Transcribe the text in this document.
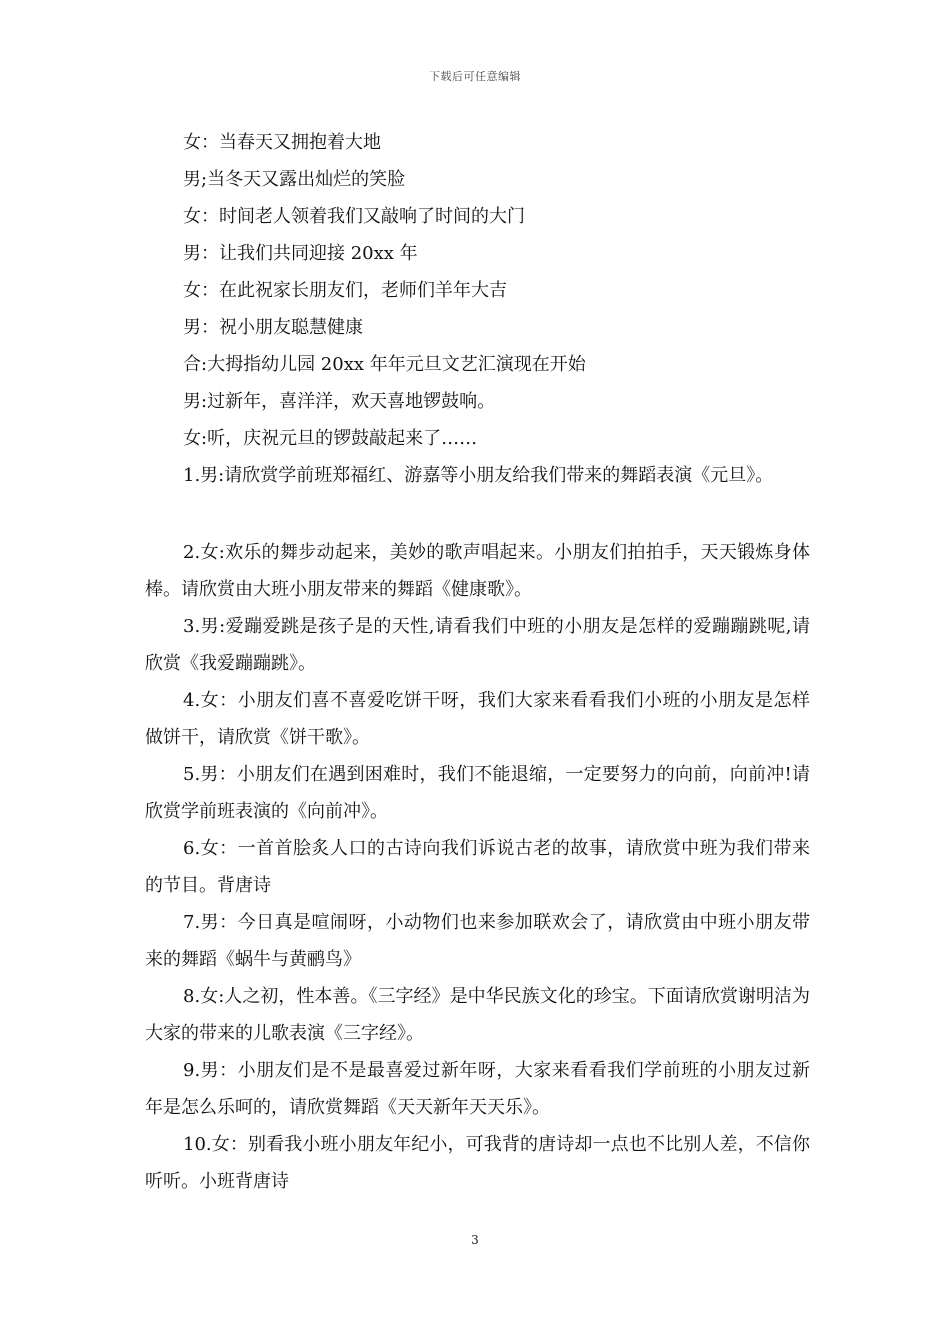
下载后可任意编辑
女：当春天又拥抱着大地
男;当冬天又露出灿烂的笑脸
女：时间老人领着我们又敲响了时间的大门
男：让我们共同迎接 20xx 年
女：在此祝家长朋友们，老师们羊年大吉
男：祝小朋友聪慧健康
合:大拇指幼儿园 20xx 年年元旦文艺汇演现在开始
男:过新年，喜洋洋，欢天喜地锣鼓响。
女:听，庆祝元旦的锣鼓敲起来了……
1.男:请欣赏学前班郑福红、游嘉等小朋友给我们带来的舞蹈表演《元旦》。

2.女:欢乐的舞步动起来，美妙的歌声唱起来。小朋友们拍拍手，天天锻炼身体棒。请欣赏由大班小朋友带来的舞蹈《健康歌》。

3.男:爱蹦爱跳是孩子是的天性,请看我们中班的小朋友是怎样的爱蹦蹦跳呢,请欣赏《我爱蹦蹦跳》。

4.女：小朋友们喜不喜爱吃饼干呀，我们大家来看看我们小班的小朋友是怎样做饼干，请欣赏《饼干歌》。

5.男：小朋友们在遇到困难时，我们不能退缩，一定要努力的向前，向前冲!请欣赏学前班表演的《向前冲》。

6.女：一首首脍炙人口的古诗向我们诉说古老的故事，请欣赏中班为我们带来的节目。背唐诗

7.男：今日真是喧闹呀，小动物们也来参加联欢会了，请欣赏由中班小朋友带来的舞蹈《蜗牛与黄鹂鸟》

8.女:人之初，性本善。《三字经》是中华民族文化的珍宝。下面请欣赏谢明洁为大家的带来的儿歌表演《三字经》。

9.男：小朋友们是不是最喜爱过新年呀，大家来看看我们学前班的小朋友过新年是怎么乐呵的，请欣赏舞蹈《天天新年天天乐》。

10.女：别看我小班小朋友年纪小，可我背的唐诗却一点也不比别人差，不信你听听。小班背唐诗

3
